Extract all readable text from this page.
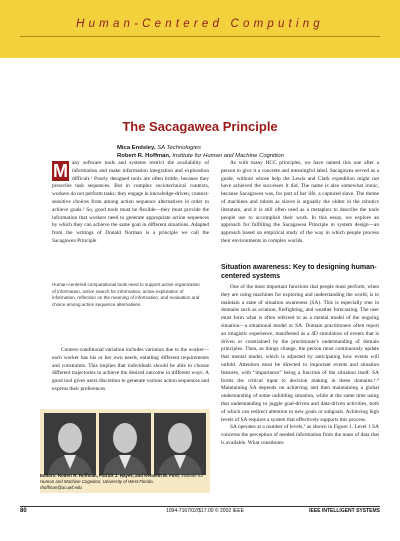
Human-Centered Computing
The Sacagawea Principle
Mica Endsley, SA Technologies
Robert R. Hoffman, Institute for Human and Machine Cognition
M any software tools and systems restrict the availability of information and make information integration and exploration difficult.¹ Poorly designed tools are often brittle, because they prescribe task sequences. But in complex sociotechnical contexts, workers do not perform tasks; they engage in knowledge-driven, context-sensitive choices from among action sequence alternatives in order to achieve goals.² So, good tools must be flexible—they must provide the information that workers need to generate appropriate action sequences by which they can achieve the same goal in different situations. Adapted from the writings of Donald Norman is a principle we call the Sacagawea Principle

Human-centered computational tools need to support active organization of information, active search for information, active exploration of information, reflection on the meaning of information, and evaluation and choice among action sequence alternatives.

Context-conditional variation includes variation due to the worker—each worker has his or her own needs, entailing different requirements and constraints. This implies that individuals should be able to choose different trajectories to achieve the desired outcome in different ways. A good tool gives users discretion to generate various action sequences and express their preferences.

Editors: Robert R. Hoffman, Patrick J. Hayes, and Kenneth M. Ford, Institute for Human and Machine Cognition, University of West Florida
rhoffman@ai.uwf.edu

As with many HCC principles, we have named this one after a person to give it a concrete and meaningful label. Sacagawea served as a guide, without whose help the Lewis and Clark expedition might not have achieved the successes it did. The name is also somewhat ironic, because Sacagawea was, for part of her life, a captured slave. The theme of machines and robots as slaves is arguably the oldest in the robotics literature, and it is still often used as a metaphor to describe the tools people use to accomplish their work. In this essay, we explore an approach for fulfilling the Sacagawea Principle in system design—an approach based on empirical study of the way in which people process their environments in complex worlds.

Situation awareness: Key to designing human-centered systems

One of the most important functions that people must perform, when they are using machines for exploring and understanding the world, is to maintain a state of situation awareness (SA). This is especially true in domains such as aviation, firefighting, and weather forecasting. The user must form what is often referred to as a mental model of the ongoing situation—a situational model or SA. Domain practitioners often report an imagistic experience, manifested as a 4D simulation of events that is driven or constrained by the practitioner's understanding of domain principles. Then, as things change, the person must continuously update that mental model, which is adjusted by anticipating how events will unfold. Attention must be directed to important events and situation features, with “importance” being a function of the situation itself. SA forms the critical input to decision making in these domains.³˒⁴ Maintaining SA depends on achieving and then maintaining a global understanding of some unfolding situation, while at the same time using that understanding to juggle goal-driven and data-driven activities, both of which can redirect attention to new goals or subgoals. Achieving high levels of SA requires a system that effectively supports this process.

SA operates at a number of levels,⁵ as shown in Figure 1. Level 1 SA concerns the perception of needed information from the mass of data that is available. What constitutes

80	1094-7167/02/$17.00 © 2002 IEEE	IEEE INTELLIGENT SYSTEMS
